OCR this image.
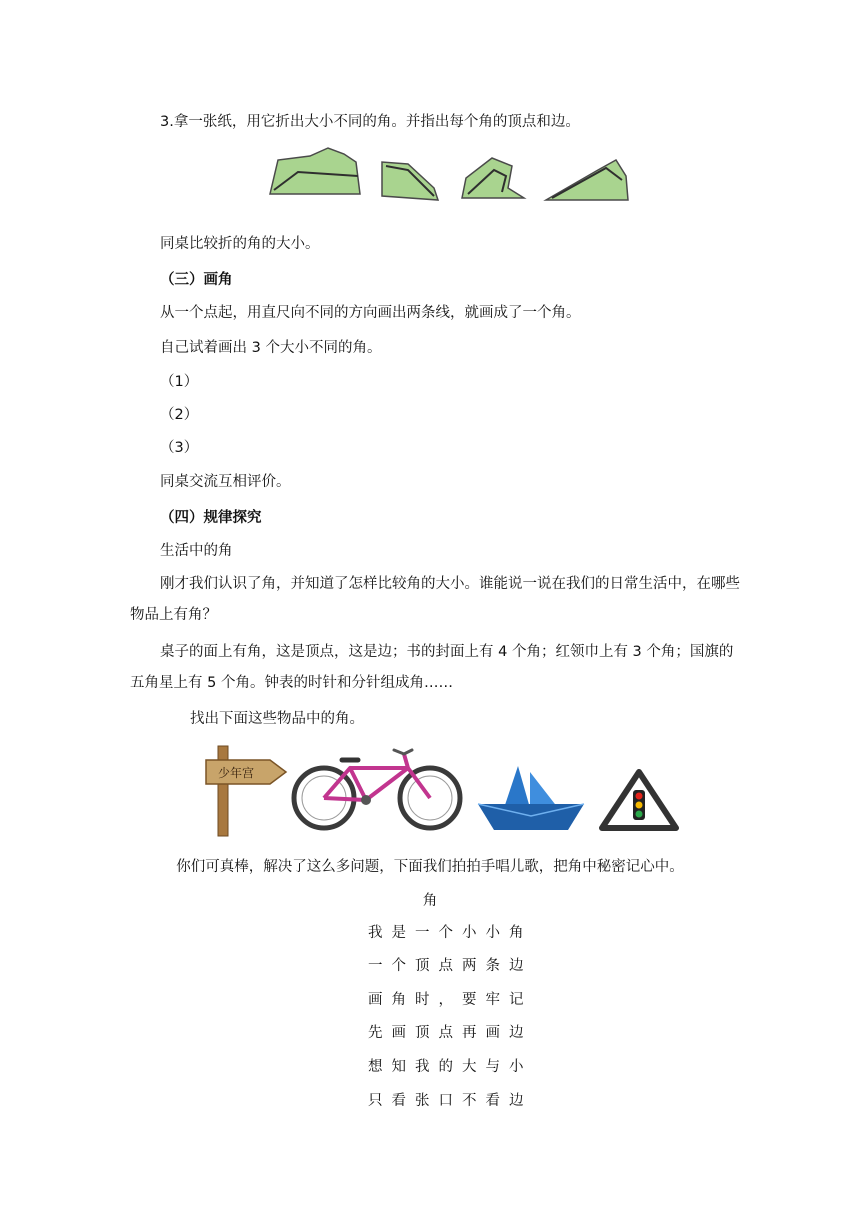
3.拿一张纸，用它折出大小不同的角。并指出每个角的顶点和边。
同桌比较折的角的大小。
（三）画角
从一个点起，用直尺向不同的方向画出两条线，就画成了一个角。
自己试着画出 3 个大小不同的角。
（1）
（2）
（3）
同桌交流互相评价。
（四）规律探究
生活中的角
刚才我们认识了角，并知道了怎样比较角的大小。谁能说一说在我们的日常生活中，在哪些物品上有角？
桌子的面上有角，这是顶点，这是边；书的封面上有 4 个角；红领巾上有 3 个角；国旗的五角星上有 5 个角。钟表的时针和分针组成角……
找出下面这些物品中的角。
少年宫
你们可真棒，解决了这么多问题，下面我们拍拍手唱儿歌，把角中秘密记心中。
角
我是一个小小角
一个顶点两条边
画角时，要牢记
先画顶点再画边
想知我的大与小
只看张口不看边
